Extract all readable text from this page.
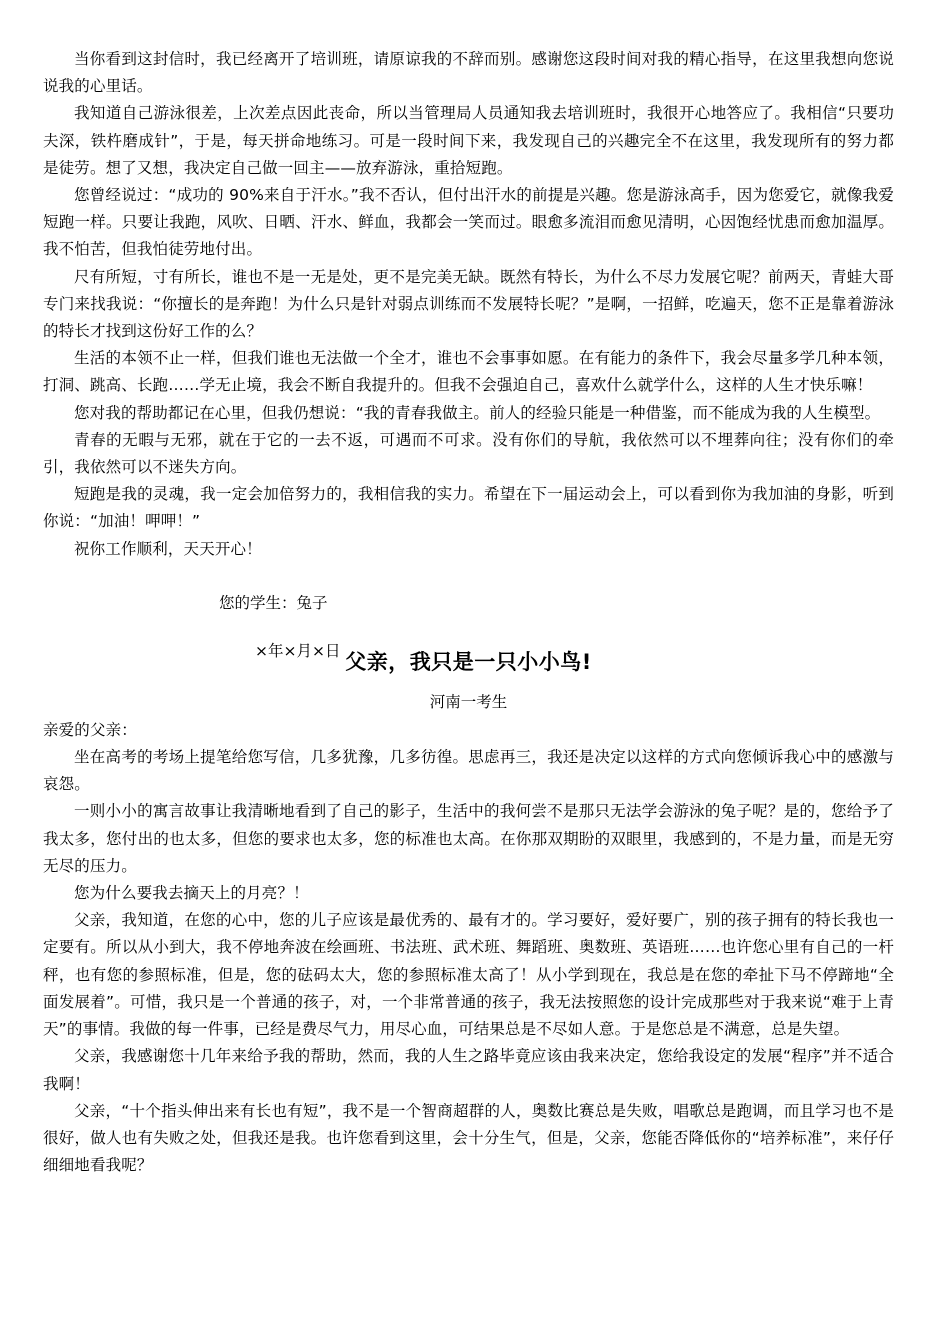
当你看到这封信时，我已经离开了培训班，请原谅我的不辞而别。感谢您这段时间对我的精心指导，在这里我想向您说说我的心里话。

我知道自己游泳很差，上次差点因此丧命，所以当管理局人员通知我去培训班时，我很开心地答应了。我相信“只要功夫深，铁杵磨成针”，于是，每天拼命地练习。可是一段时间下来，我发现自己的兴趣完全不在这里，我发现所有的努力都是徒劳。想了又想，我决定自己做一回主——放弃游泳，重拾短跑。

您曾经说过：“成功的 90%来自于汗水。”我不否认，但付出汗水的前提是兴趣。您是游泳高手，因为您爱它，就像我爱短跑一样。只要让我跑，风吹、日晒、汗水、鲜血，我都会一笑而过。眼愈多流泪而愈见清明，心因饱经忧患而愈加温厚。我不怕苦，但我怕徒劳地付出。

尺有所短，寸有所长，谁也不是一无是处，更不是完美无缺。既然有特长，为什么不尽力发展它呢？前两天，青蛙大哥专门来找我说：“你擅长的是奔跑！为什么只是针对弱点训练而不发展特长呢？”是啊，一招鲜，吃遍天，您不正是靠着游泳的特长才找到这份好工作的么？

生活的本领不止一样，但我们谁也无法做一个全才，谁也不会事事如愿。在有能力的条件下，我会尽量多学几种本领，打洞、跳高、长跑……学无止境，我会不断自我提升的。但我不会强迫自己，喜欢什么就学什么，这样的人生才快乐嘛！

您对我的帮助都记在心里，但我仍想说：“我的青春我做主。前人的经验只能是一种借鉴，而不能成为我的人生模型。

青春的无暇与无邪，就在于它的一去不返，可遇而不可求。没有你们的导航，我依然可以不埋葬向往；没有你们的牵引，我依然可以不迷失方向。

短跑是我的灵魂，我一定会加倍努力的，我相信我的实力。希望在下一届运动会上，可以看到你为我加油的身影，听到你说：“加油！呷呷！”

祝你工作顺利，天天开心！

您的学生：兔子
×年×月×日 父亲，我只是一只小小鸟!
河南一考生

亲爱的父亲：

坐在高考的考场上提笔给您写信，几多犹豫，几多彷徨。思虑再三，我还是决定以这样的方式向您倾诉我心中的感激与哀怨。

一则小小的寓言故事让我清晰地看到了自己的影子，生活中的我何尝不是那只无法学会游泳的兔子呢？是的，您给予了我太多，您付出的也太多，但您的要求也太多，您的标准也太高。在你那双期盼的双眼里，我感到的，不是力量，而是无穷无尽的压力。

您为什么要我去摘天上的月亮？！

父亲，我知道，在您的心中，您的儿子应该是最优秀的、最有才的。学习要好，爱好要广，别的孩子拥有的特长我也一定要有。所以从小到大，我不停地奔波在绘画班、书法班、武术班、舞蹈班、奥数班、英语班……也许您心里有自己的一杆秤，也有您的参照标准，但是，您的砝码太大，您的参照标准太高了！从小学到现在，我总是在您的牵扯下马不停蹄地“全面发展着”。可惜，我只是一个普通的孩子，对，一个非常普通的孩子，我无法按照您的设计完成那些对于我来说“难于上青天”的事情。我做的每一件事，已经是费尽气力，用尽心血，可结果总是不尽如人意。于是您总是不满意，总是失望。

父亲，我感谢您十几年来给予我的帮助，然而，我的人生之路毕竟应该由我来决定，您给我设定的发展“程序”并不适合我啊！

父亲，“十个指头伸出来有长也有短”，我不是一个智商超群的人，奥数比赛总是失败，唱歌总是跑调，而且学习也不是很好，做人也有失败之处，但我还是我。也许您看到这里，会十分生气，但是，父亲，您能否降低你的“培养标准”，来仔仔细细地看我呢？
